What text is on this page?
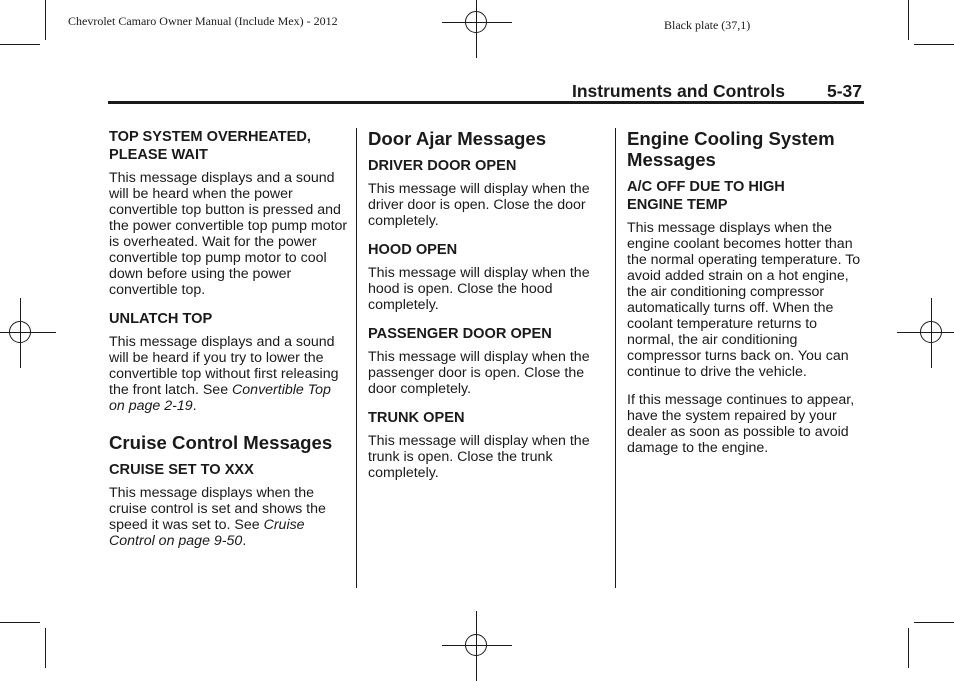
Chevrolet Camaro Owner Manual (Include Mex) - 2012	Black plate (37,1)
Instruments and Controls 5-37
TOP SYSTEM OVERHEATED, PLEASE WAIT

This message displays and a sound will be heard when the power convertible top button is pressed and the power convertible top pump motor is overheated. Wait for the power convertible top pump motor to cool down before using the power convertible top.

UNLATCH TOP

This message displays and a sound will be heard if you try to lower the convertible top without first releasing the front latch. See Convertible Top on page 2-19.

Cruise Control Messages
CRUISE SET TO XXX

This message displays when the cruise control is set and shows the speed it was set to. See Cruise Control on page 9-50.

Door Ajar Messages
DRIVER DOOR OPEN

This message will display when the driver door is open. Close the door completely.

HOOD OPEN

This message will display when the hood is open. Close the hood completely.

PASSENGER DOOR OPEN

This message will display when the passenger door is open. Close the door completely.

TRUNK OPEN

This message will display when the trunk is open. Close the trunk completely.

Engine Cooling System Messages
A/C OFF DUE TO HIGH ENGINE TEMP

This message displays when the engine coolant becomes hotter than the normal operating temperature. To avoid added strain on a hot engine, the air conditioning compressor automatically turns off. When the coolant temperature returns to normal, the air conditioning compressor turns back on. You can continue to drive the vehicle.

If this message continues to appear, have the system repaired by your dealer as soon as possible to avoid damage to the engine.
